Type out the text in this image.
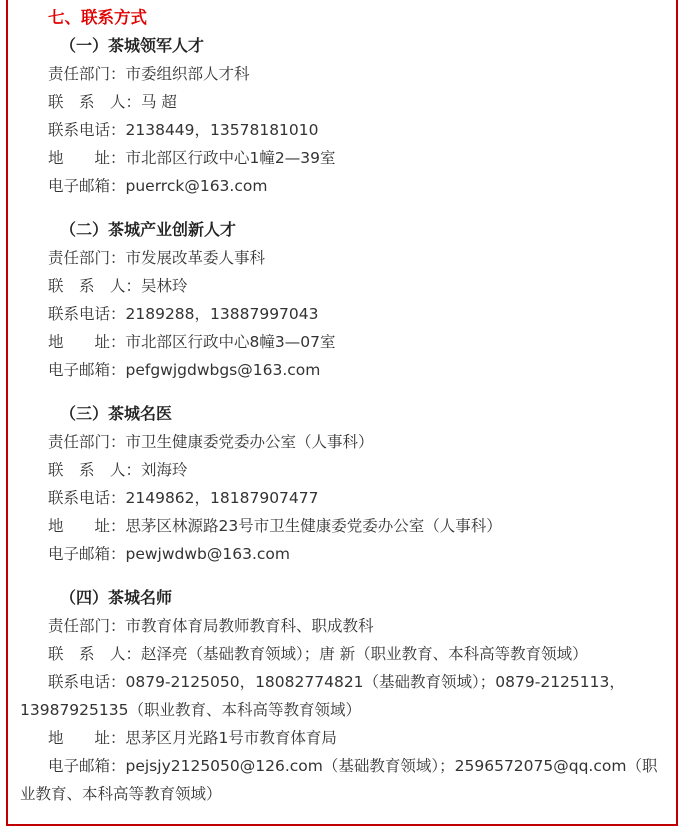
七、联系方式
（一）茶城领军人才
责任部门：市委组织部人才科
联　系　人：马 超
联系电话：2138449，13578181010
地　　址：市北部区行政中心1幢2—39室
电子邮箱：puerrck@163.com
（二）茶城产业创新人才
责任部门：市发展改革委人事科
联　系　人：吴林玲
联系电话：2189288，13887997043
地　　址：市北部区行政中心8幢3—07室
电子邮箱：pefgwjgdwbgs@163.com
（三）茶城名医
责任部门：市卫生健康委党委办公室（人事科）
联　系　人：刘海玲
联系电话：2149862，18187907477
地　　址：思茅区林源路23号市卫生健康委党委办公室（人事科）
电子邮箱：pewjwdwb@163.com
（四）茶城名师
责任部门：市教育体育局教师教育科、职成教科
联　系　人：赵泽亮（基础教育领域）；唐 新（职业教育、本科高等教育领域）
联系电话：0879-2125050，18082774821（基础教育领域）；0879-2125113，13987925135（职业教育、本科高等教育领域）
地　　址：思茅区月光路1号市教育体育局
电子邮箱：pejsjy2125050@126.com（基础教育领域）；2596572075@qq.com（职业教育、本科高等教育领域）
